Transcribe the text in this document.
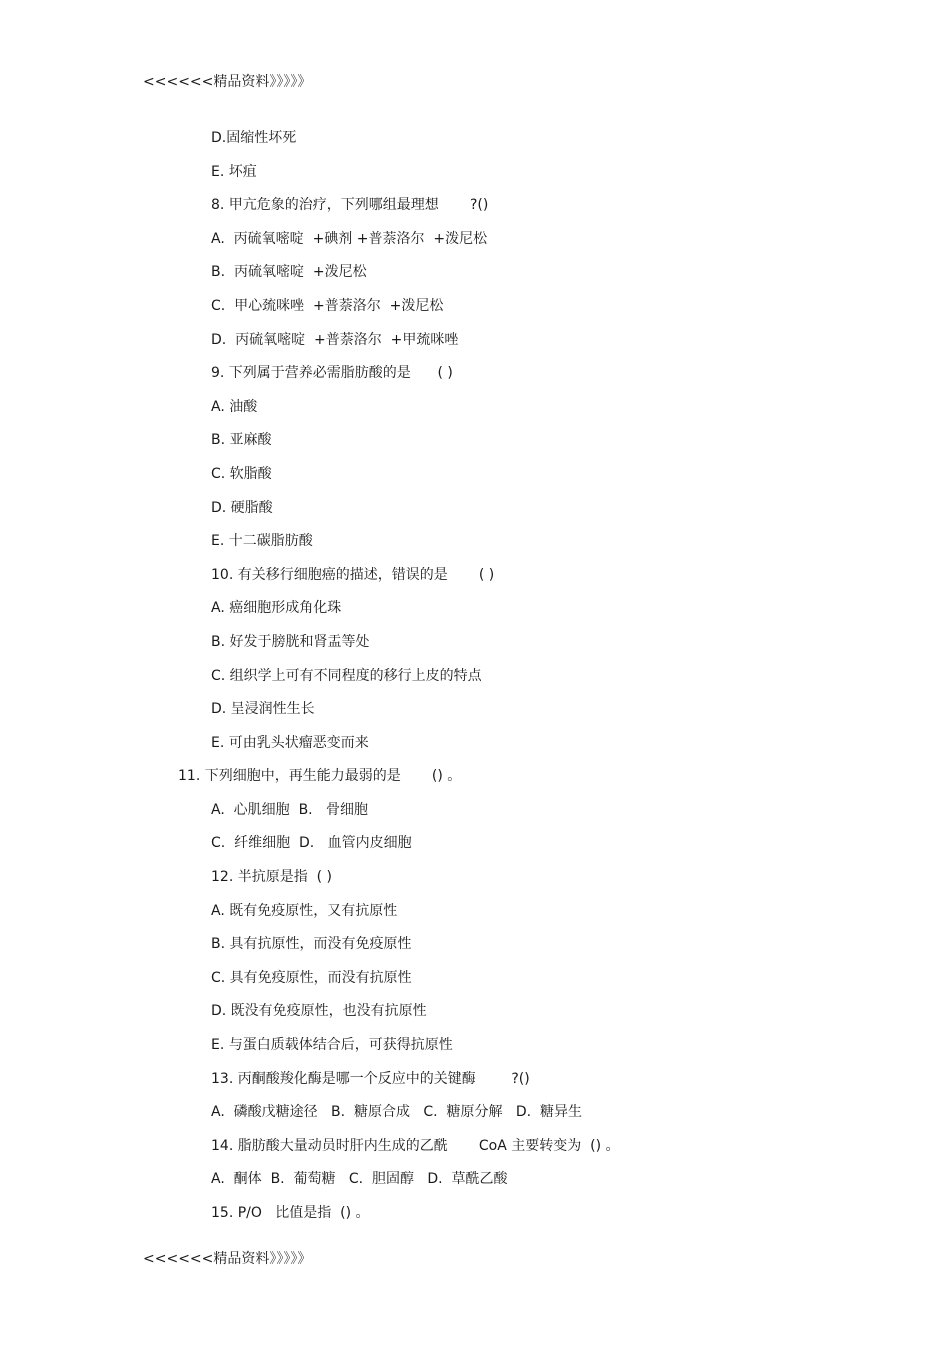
<<<<<<精品资料》》》》》
D.固缩性坏死
E. 坏疽
8. 甲亢危象的治疗，下列哪组最理想       ?()
A.  丙硫氧嘧啶  +碘剂 +普萘洛尔  +泼尼松
B.  丙硫氧嘧啶  +泼尼松
C.  甲心巯咪唑  +普萘洛尔  +泼尼松
D.  丙硫氧嘧啶  +普萘洛尔  +甲巯咪唑
9. 下列属于营养必需脂肪酸的是      ( )
A. 油酸
B. 亚麻酸
C. 软脂酸
D. 硬脂酸
E. 十二碳脂肪酸
10. 有关移行细胞癌的描述，错误的是       ( )
A. 癌细胞形成角化珠
B. 好发于膀胱和肾盂等处
C. 组织学上可有不同程度的移行上皮的特点
D. 呈浸润性生长
E. 可由乳头状瘤恶变而来
11. 下列细胞中，再生能力最弱的是       () 。
A.  心肌细胞  B.   骨细胞
C.  纤维细胞  D.   血管内皮细胞
12. 半抗原是指  ( )
A. 既有免疫原性，又有抗原性
B. 具有抗原性，而没有免疫原性
C. 具有免疫原性，而没有抗原性
D. 既没有免疫原性，也没有抗原性
E. 与蛋白质载体结合后，可获得抗原性
13. 丙酮酸羧化酶是哪一个反应中的关键酶        ?()
A.  磷酸戊糖途径   B.  糖原合成   C.  糖原分解   D.  糖异生
14. 脂肪酸大量动员时肝内生成的乙酰       CoA 主要转变为  () 。
A.  酮体  B.  葡萄糖   C.  胆固醇   D.  草酰乙酸
15. P/O   比值是指  () 。
<<<<<<精品资料》》》》》
